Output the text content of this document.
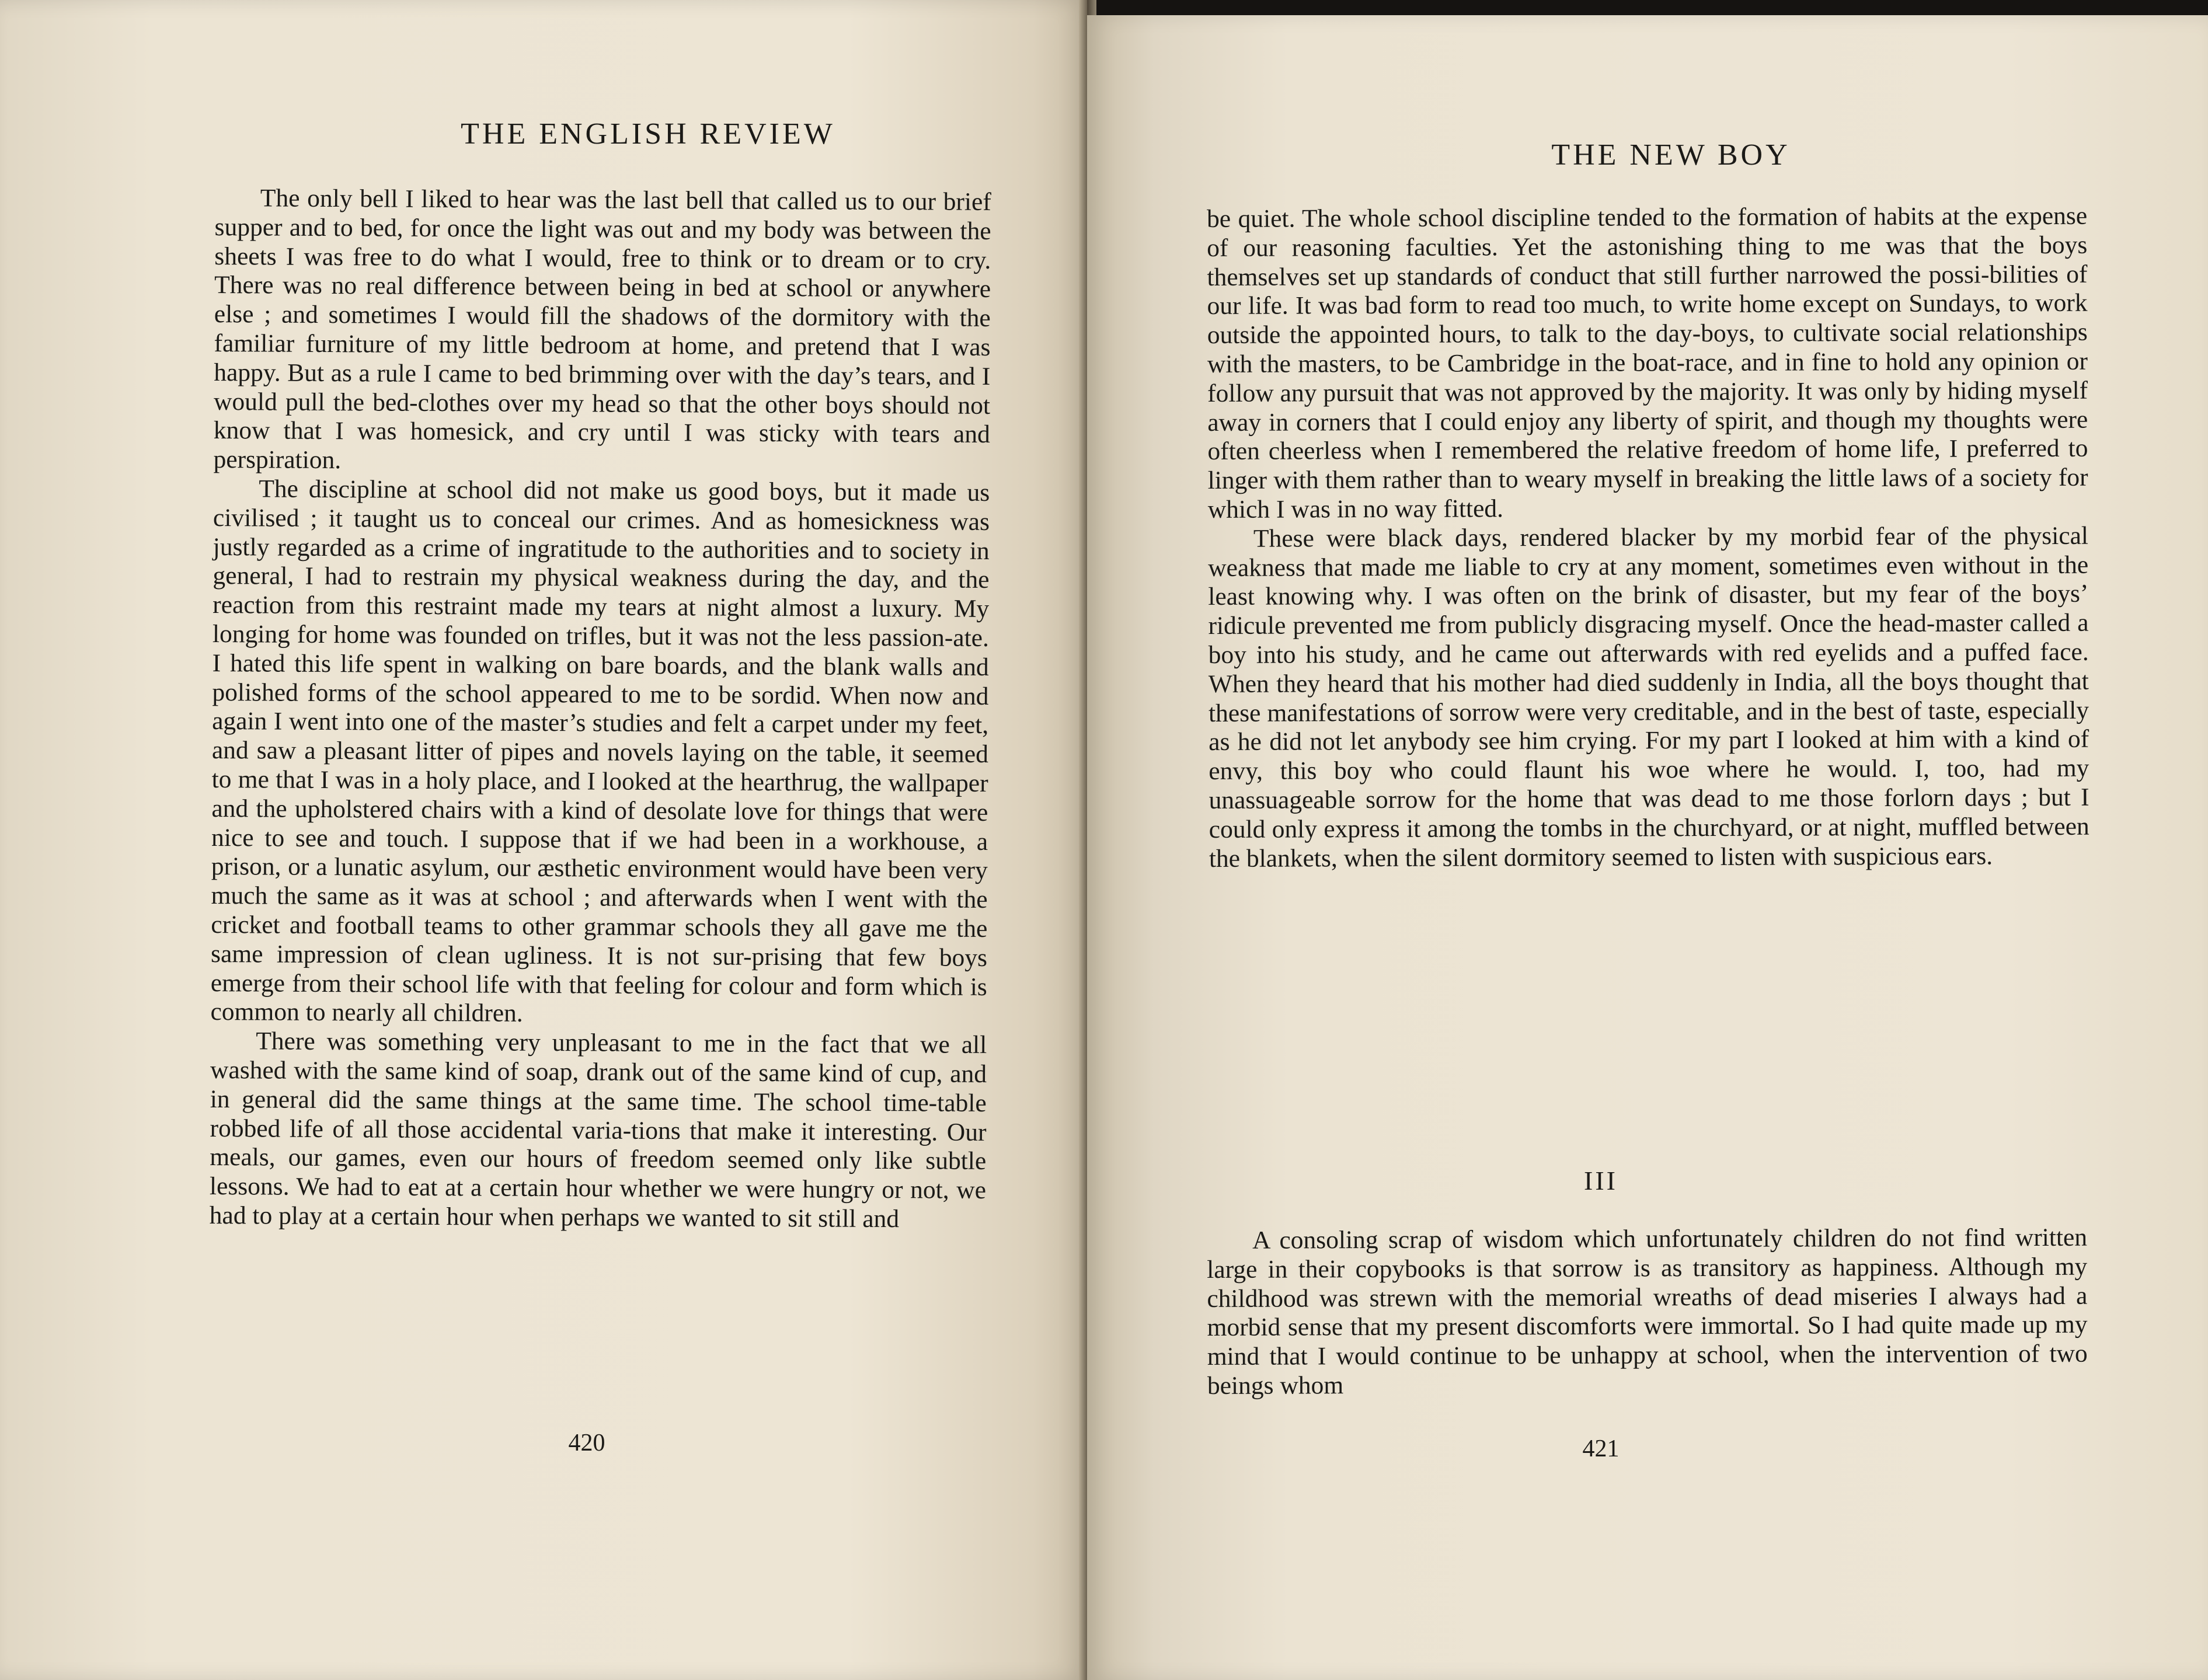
THE ENGLISH REVIEW

The only bell I liked to hear was the last bell that called us to our brief supper and to bed, for once the light was out and my body was between the sheets I was free to do what I would, free to think or to dream or to cry. There was no real difference between being in bed at school or anywhere else ; and sometimes I would fill the shadows of the dormitory with the familiar furniture of my little bedroom at home, and pretend that I was happy. But as a rule I came to bed brimming over with the day’s tears, and I would pull the bed-clothes over my head so that the other boys should not know that I was homesick, and cry until I was sticky with tears and perspiration.

The discipline at school did not make us good boys, but it made us civilised ; it taught us to conceal our crimes. And as homesickness was justly regarded as a crime of ingratitude to the authorities and to society in general, I had to restrain my physical weakness during the day, and the reaction from this restraint made my tears at night almost a luxury. My longing for home was founded on trifles, but it was not the less passion-ate. I hated this life spent in walking on bare boards, and the blank walls and polished forms of the school appeared to me to be sordid. When now and again I went into one of the master’s studies and felt a carpet under my feet, and saw a pleasant litter of pipes and novels laying on the table, it seemed to me that I was in a holy place, and I looked at the hearthrug, the wallpaper and the upholstered chairs with a kind of desolate love for things that were nice to see and touch. I suppose that if we had been in a workhouse, a prison, or a lunatic asylum, our æsthetic environment would have been very much the same as it was at school ; and afterwards when I went with the cricket and football teams to other grammar schools they all gave me the same impression of clean ugliness. It is not sur-prising that few boys emerge from their school life with that feeling for colour and form which is common to nearly all children.

There was something very unpleasant to me in the fact that we all washed with the same kind of soap, drank out of the same kind of cup, and in general did the same things at the same time. The school time-table robbed life of all those accidental varia-tions that make it interesting. Our meals, our games, even our hours of freedom seemed only like subtle lessons. We had to eat at a certain hour whether we were hungry or not, we had to play at a certain hour when perhaps we wanted to sit still and

420
THE NEW BOY

be quiet. The whole school discipline tended to the formation of habits at the expense of our reasoning faculties. Yet the astonishing thing to me was that the boys themselves set up standards of conduct that still further narrowed the possi-bilities of our life. It was bad form to read too much, to write home except on Sundays, to work outside the appointed hours, to talk to the day-boys, to cultivate social relationships with the masters, to be Cambridge in the boat-race, and in fine to hold any opinion or follow any pursuit that was not approved by the majority. It was only by hiding myself away in corners that I could enjoy any liberty of spirit, and though my thoughts were often cheerless when I remembered the relative freedom of home life, I preferred to linger with them rather than to weary myself in breaking the little laws of a society for which I was in no way fitted.

These were black days, rendered blacker by my morbid fear of the physical weakness that made me liable to cry at any moment, sometimes even without in the least knowing why. I was often on the brink of disaster, but my fear of the boys’ ridicule prevented me from publicly disgracing myself. Once the head-master called a boy into his study, and he came out afterwards with red eyelids and a puffed face. When they heard that his mother had died suddenly in India, all the boys thought that these manifestations of sorrow were very creditable, and in the best of taste, especially as he did not let anybody see him crying. For my part I looked at him with a kind of envy, this boy who could flaunt his woe where he would. I, too, had my unassuageable sorrow for the home that was dead to me those forlorn days ; but I could only express it among the tombs in the churchyard, or at night, muffled between the blankets, when the silent dormitory seemed to listen with suspicious ears.

III

A consoling scrap of wisdom which unfortunately children do not find written large in their copybooks is that sorrow is as transitory as happiness. Although my childhood was strewn with the memorial wreaths of dead miseries I always had a morbid sense that my present discomforts were immortal. So I had quite made up my mind that I would continue to be unhappy at school, when the intervention of two beings whom

421
